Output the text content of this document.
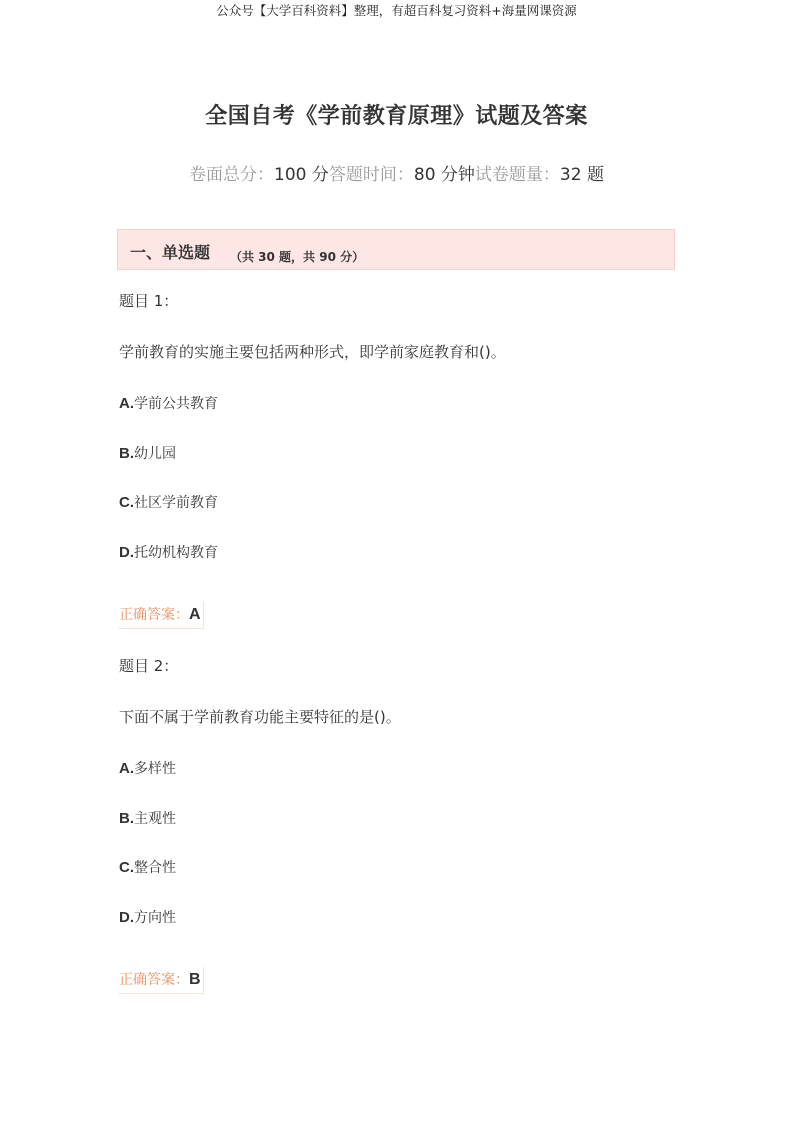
公众号【大学百科资料】整理，有超百科复习资料+海量网课资源
全国自考《学前教育原理》试题及答案
卷面总分：100 分答题时间：80 分钟试卷题量：32 题
一、单选题 （共 30 题，共 90 分）
题目 1：
学前教育的实施主要包括两种形式，即学前家庭教育和()。
A.学前公共教育
B.幼儿园
C.社区学前教育
D.托幼机构教育
正确答案：A
题目 2：
下面不属于学前教育功能主要特征的是()。
A.多样性
B.主观性
C.整合性
D.方向性
正确答案：B
